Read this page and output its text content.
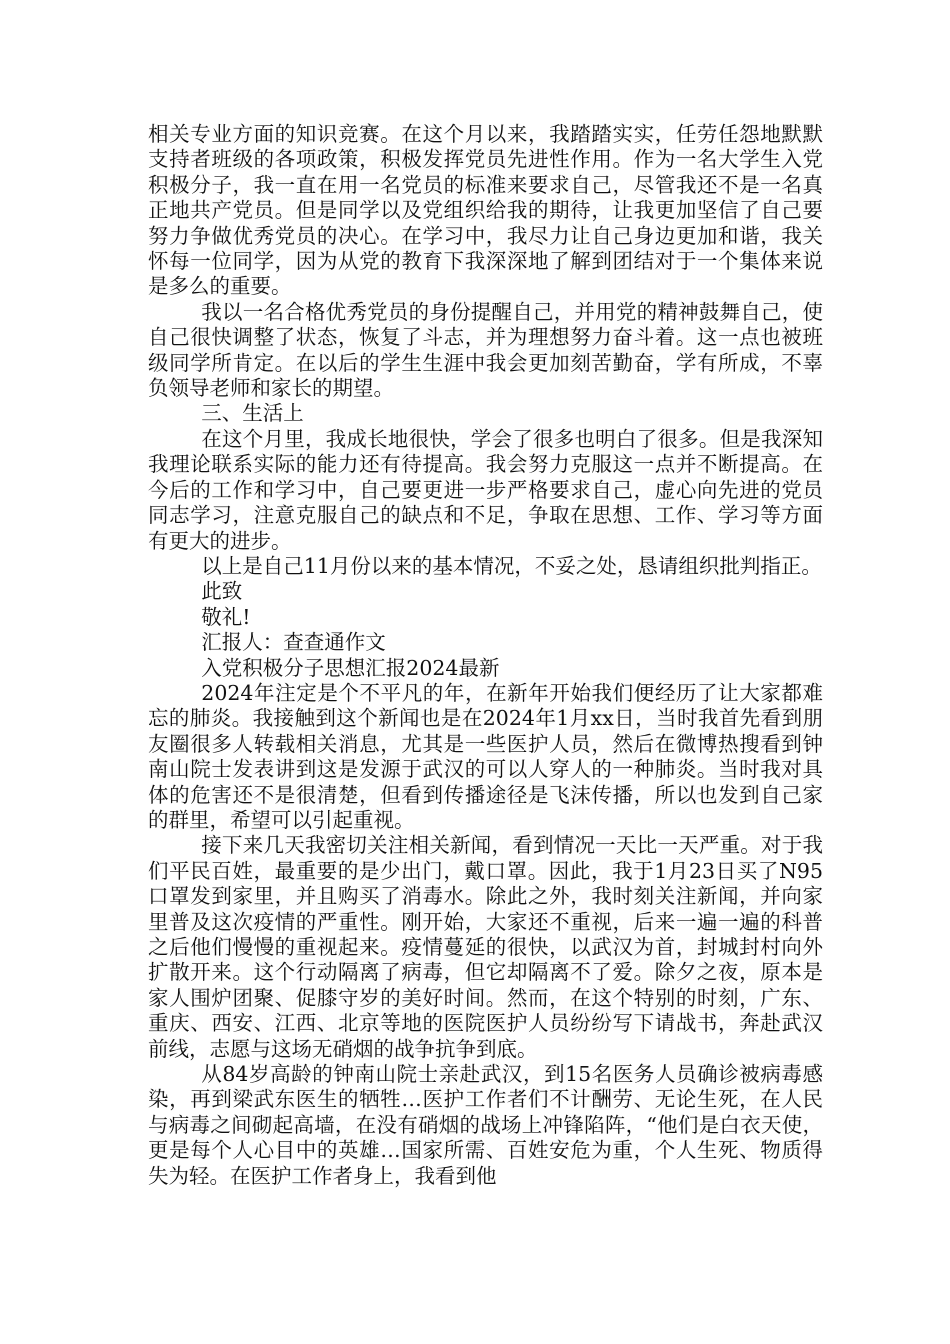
相关专业方面的知识竞赛。在这个月以来，我踏踏实实，任劳任怨地默默支持者班级的各项政策，积极发挥党员先进性作用。作为一名大学生入党积极分子，我一直在用一名党员的标准来要求自己，尽管我还不是一名真正地共产党员。但是同学以及党组织给我的期待，让我更加坚信了自己要努力争做优秀党员的决心。在学习中，我尽力让自己身边更加和谐，我关怀每一位同学，因为从党的教育下我深深地了解到团结对于一个集体来说是多么的重要。

我以一名合格优秀党员的身份提醒自己，并用党的精神鼓舞自己，使自己很快调整了状态，恢复了斗志，并为理想努力奋斗着。这一点也被班级同学所肯定。在以后的学生生涯中我会更加刻苦勤奋，学有所成，不辜负领导老师和家长的期望。

三、生活上

在这个月里，我成长地很快，学会了很多也明白了很多。但是我深知我理论联系实际的能力还有待提高。我会努力克服这一点并不断提高。在今后的工作和学习中，自己要更进一步严格要求自己，虚心向先进的党员同志学习，注意克服自己的缺点和不足，争取在思想、工作、学习等方面有更大的进步。

以上是自己11月份以来的基本情况，不妥之处，恳请组织批判指正。

此致

敬礼!

汇报人：查查通作文

入党积极分子思想汇报2024最新

2024年注定是个不平凡的年，在新年开始我们便经历了让大家都难忘的肺炎。我接触到这个新闻也是在2024年1月xx日，当时我首先看到朋友圈很多人转载相关消息，尤其是一些医护人员，然后在微博热搜看到钟南山院士发表讲到这是发源于武汉的可以人穿人的一种肺炎。当时我对具体的危害还不是很清楚，但看到传播途径是飞沫传播，所以也发到自己家的群里，希望可以引起重视。

接下来几天我密切关注相关新闻，看到情况一天比一天严重。对于我们平民百姓，最重要的是少出门，戴口罩。因此，我于1月23日买了N95口罩发到家里，并且购买了消毒水。除此之外，我时刻关注新闻，并向家里普及这次疫情的严重性。刚开始，大家还不重视，后来一遍一遍的科普之后他们慢慢的重视起来。疫情蔓延的很快，以武汉为首，封城封村向外扩散开来。这个行动隔离了病毒，但它却隔离不了爱。除夕之夜，原本是家人围炉团聚、促膝守岁的美好时间。然而，在这个特别的时刻，广东、重庆、西安、江西、北京等地的医院医护人员纷纷写下请战书，奔赴武汉前线，志愿与这场无硝烟的战争抗争到底。

从84岁高龄的钟南山院士亲赴武汉，到15名医务人员确诊被病毒感染，再到梁武东医生的牺牲…医护工作者们不计酬劳、无论生死，在人民与病毒之间砌起高墙，在没有硝烟的战场上冲锋陷阵，“他们是白衣天使，更是每个人心目中的英雄…国家所需、百姓安危为重，个人生死、物质得失为轻。在医护工作者身上，我看到他
